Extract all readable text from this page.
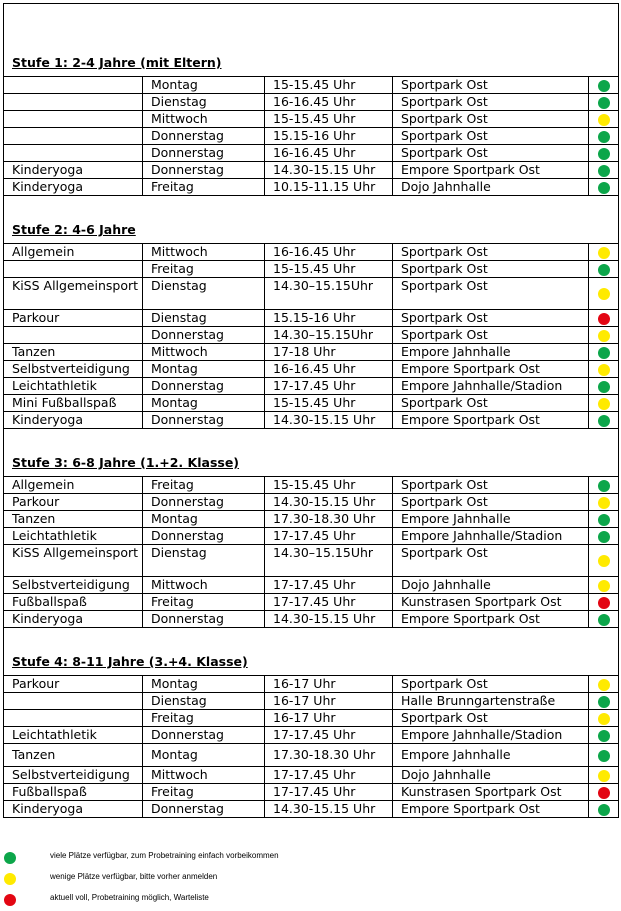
Stufe 1: 2-4 Jahre (mit Eltern)				
	Montag	15-15.45 Uhr	Sportpark Ost	
	Dienstag	16-16.45 Uhr	Sportpark Ost	
	Mittwoch	15-15.45 Uhr	Sportpark Ost	
	Donnerstag	15.15-16 Uhr	Sportpark Ost	
	Donnerstag	16-16.45 Uhr	Sportpark Ost	
Kinderyoga	Donnerstag	14.30-15.15 Uhr	Empore Sportpark Ost	
Kinderyoga	Freitag	10.15-11.15 Uhr	Dojo Jahnhalle	
Stufe 2: 4-6 Jahre				
Allgemein	Mittwoch	16-16.45 Uhr	Sportpark Ost	
	Freitag	15-15.45 Uhr	Sportpark Ost	
KiSS Allgemeinsport	Dienstag	14.30–15.15Uhr	Sportpark Ost	
Parkour	Dienstag	15.15-16 Uhr	Sportpark Ost	
	Donnerstag	14.30–15.15Uhr	Sportpark Ost	
Tanzen	Mittwoch	17-18 Uhr	Empore Jahnhalle	
Selbstverteidigung	Montag	16-16.45 Uhr	Empore Sportpark Ost	
Leichtathletik	Donnerstag	17-17.45 Uhr	Empore Jahnhalle/Stadion	
Mini Fußballspaß	Montag	15-15.45 Uhr	Sportpark Ost	
Kinderyoga	Donnerstag	14.30-15.15 Uhr	Empore Sportpark Ost	
Stufe 3: 6-8 Jahre (1.+2. Klasse)				
Allgemein	Freitag	15-15.45 Uhr	Sportpark Ost	
Parkour	Donnerstag	14.30-15.15 Uhr	Sportpark Ost	
Tanzen	Montag	17.30-18.30 Uhr	Empore Jahnhalle	
Leichtathletik	Donnerstag	17-17.45 Uhr	Empore Jahnhalle/Stadion	
KiSS Allgemeinsport	Dienstag	14.30–15.15Uhr	Sportpark Ost	
Selbstverteidigung	Mittwoch	17-17.45 Uhr	Dojo Jahnhalle	
Fußballspaß	Freitag	17-17.45 Uhr	Kunstrasen Sportpark Ost	
Kinderyoga	Donnerstag	14.30-15.15 Uhr	Empore Sportpark Ost	
Stufe 4: 8-11 Jahre (3.+4. Klasse)				
Parkour	Montag	16-17 Uhr	Sportpark Ost	
	Dienstag	16-17 Uhr	Halle Brunngartenstraße	
	Freitag	16-17 Uhr	Sportpark Ost	
Leichtathletik	Donnerstag	17-17.45 Uhr	Empore Jahnhalle/Stadion	
Tanzen	Montag	17.30-18.30 Uhr	Empore Jahnhalle	
Selbstverteidigung	Mittwoch	17-17.45 Uhr	Dojo Jahnhalle	
Fußballspaß	Freitag	17-17.45 Uhr	Kunstrasen Sportpark Ost	
Kinderyoga	Donnerstag	14.30-15.15 Uhr	Empore Sportpark Ost	
viele Plätze verfügbar, zum Probetraining einfach vorbeikommen
wenige Plätze verfügbar, bitte vorher anmelden
aktuell voll, Probetraining möglich, Warteliste
